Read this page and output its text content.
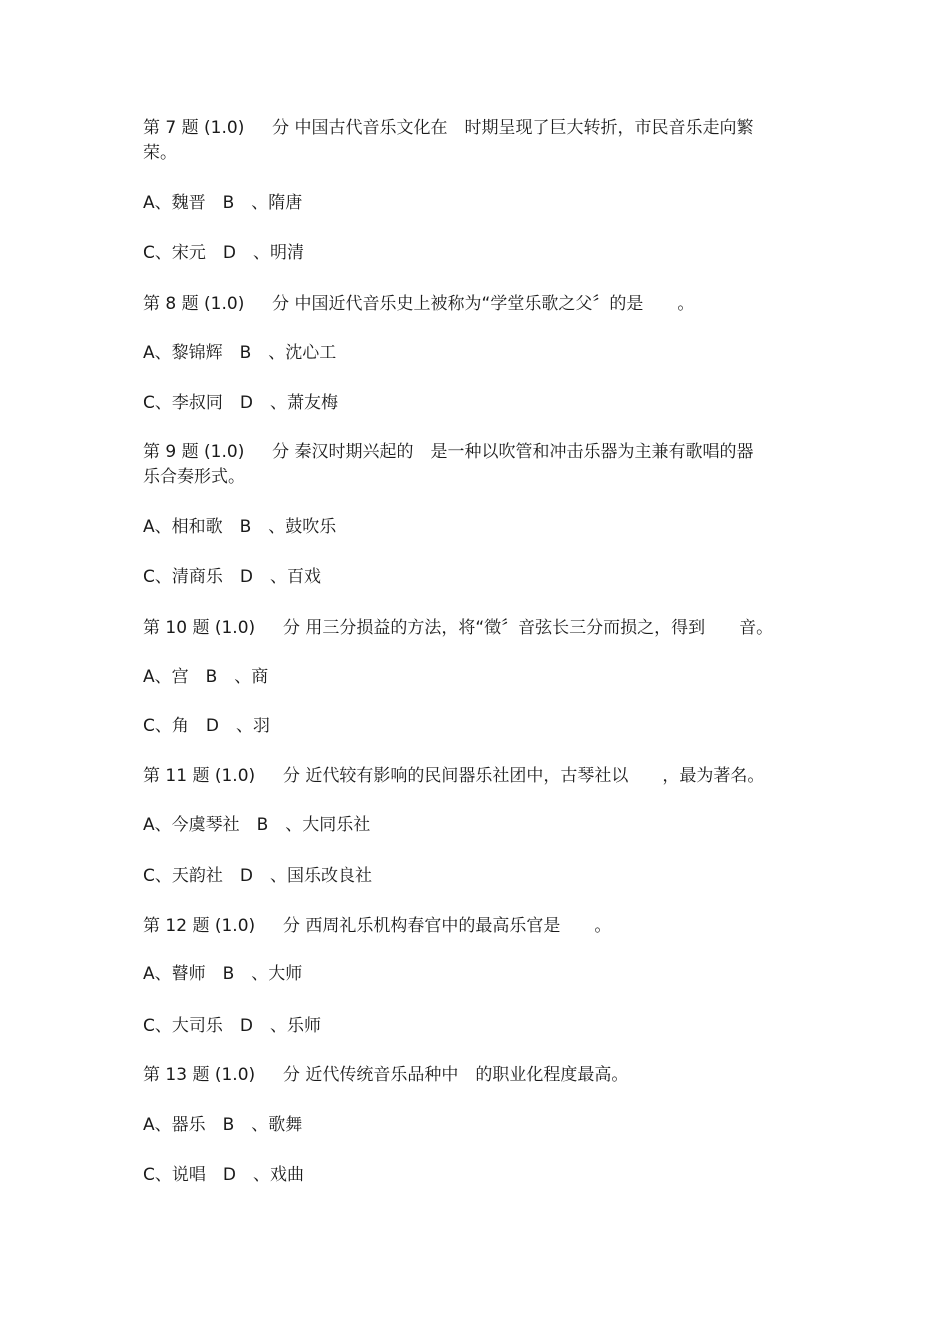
第 7 题 (1.0)　  分 中国古代音乐文化在　时期呈现了巨大转折，市民音乐走向繁
荣。
A、魏晋　B　、隋唐
C、宋元　D　、明清
第 8 题 (1.0)　  分 中国近代音乐史上被称为“学堂乐歌之父〞的是　　。
A、黎锦辉　B　、沈心工
C、李叔同　D　、萧友梅
第 9 题 (1.0)　  分 秦汉时期兴起的　是一种以吹管和冲击乐器为主兼有歌唱的器
乐合奏形式。
A、相和歌　B　、鼓吹乐
C、清商乐　D　、百戏
第 10 题 (1.0)　  分 用三分损益的方法，将“徵〞音弦长三分而损之，得到　　音。
A、宫　B　、商
C、角　D　、羽
第 11 题 (1.0)　  分 近代较有影响的民间器乐社团中，古琴社以　　，最为著名。
A、今虞琴社　B　、大同乐社
C、天韵社　D　、国乐改良社
第 12 题 (1.0)　  分 西周礼乐机构春官中的最高乐官是　　。
A、瞽师　B　、大师
C、大司乐　D　、乐师
第 13 题 (1.0)　  分 近代传统音乐品种中　的职业化程度最高。
A、器乐　B　、歌舞
C、说唱　D　、戏曲
